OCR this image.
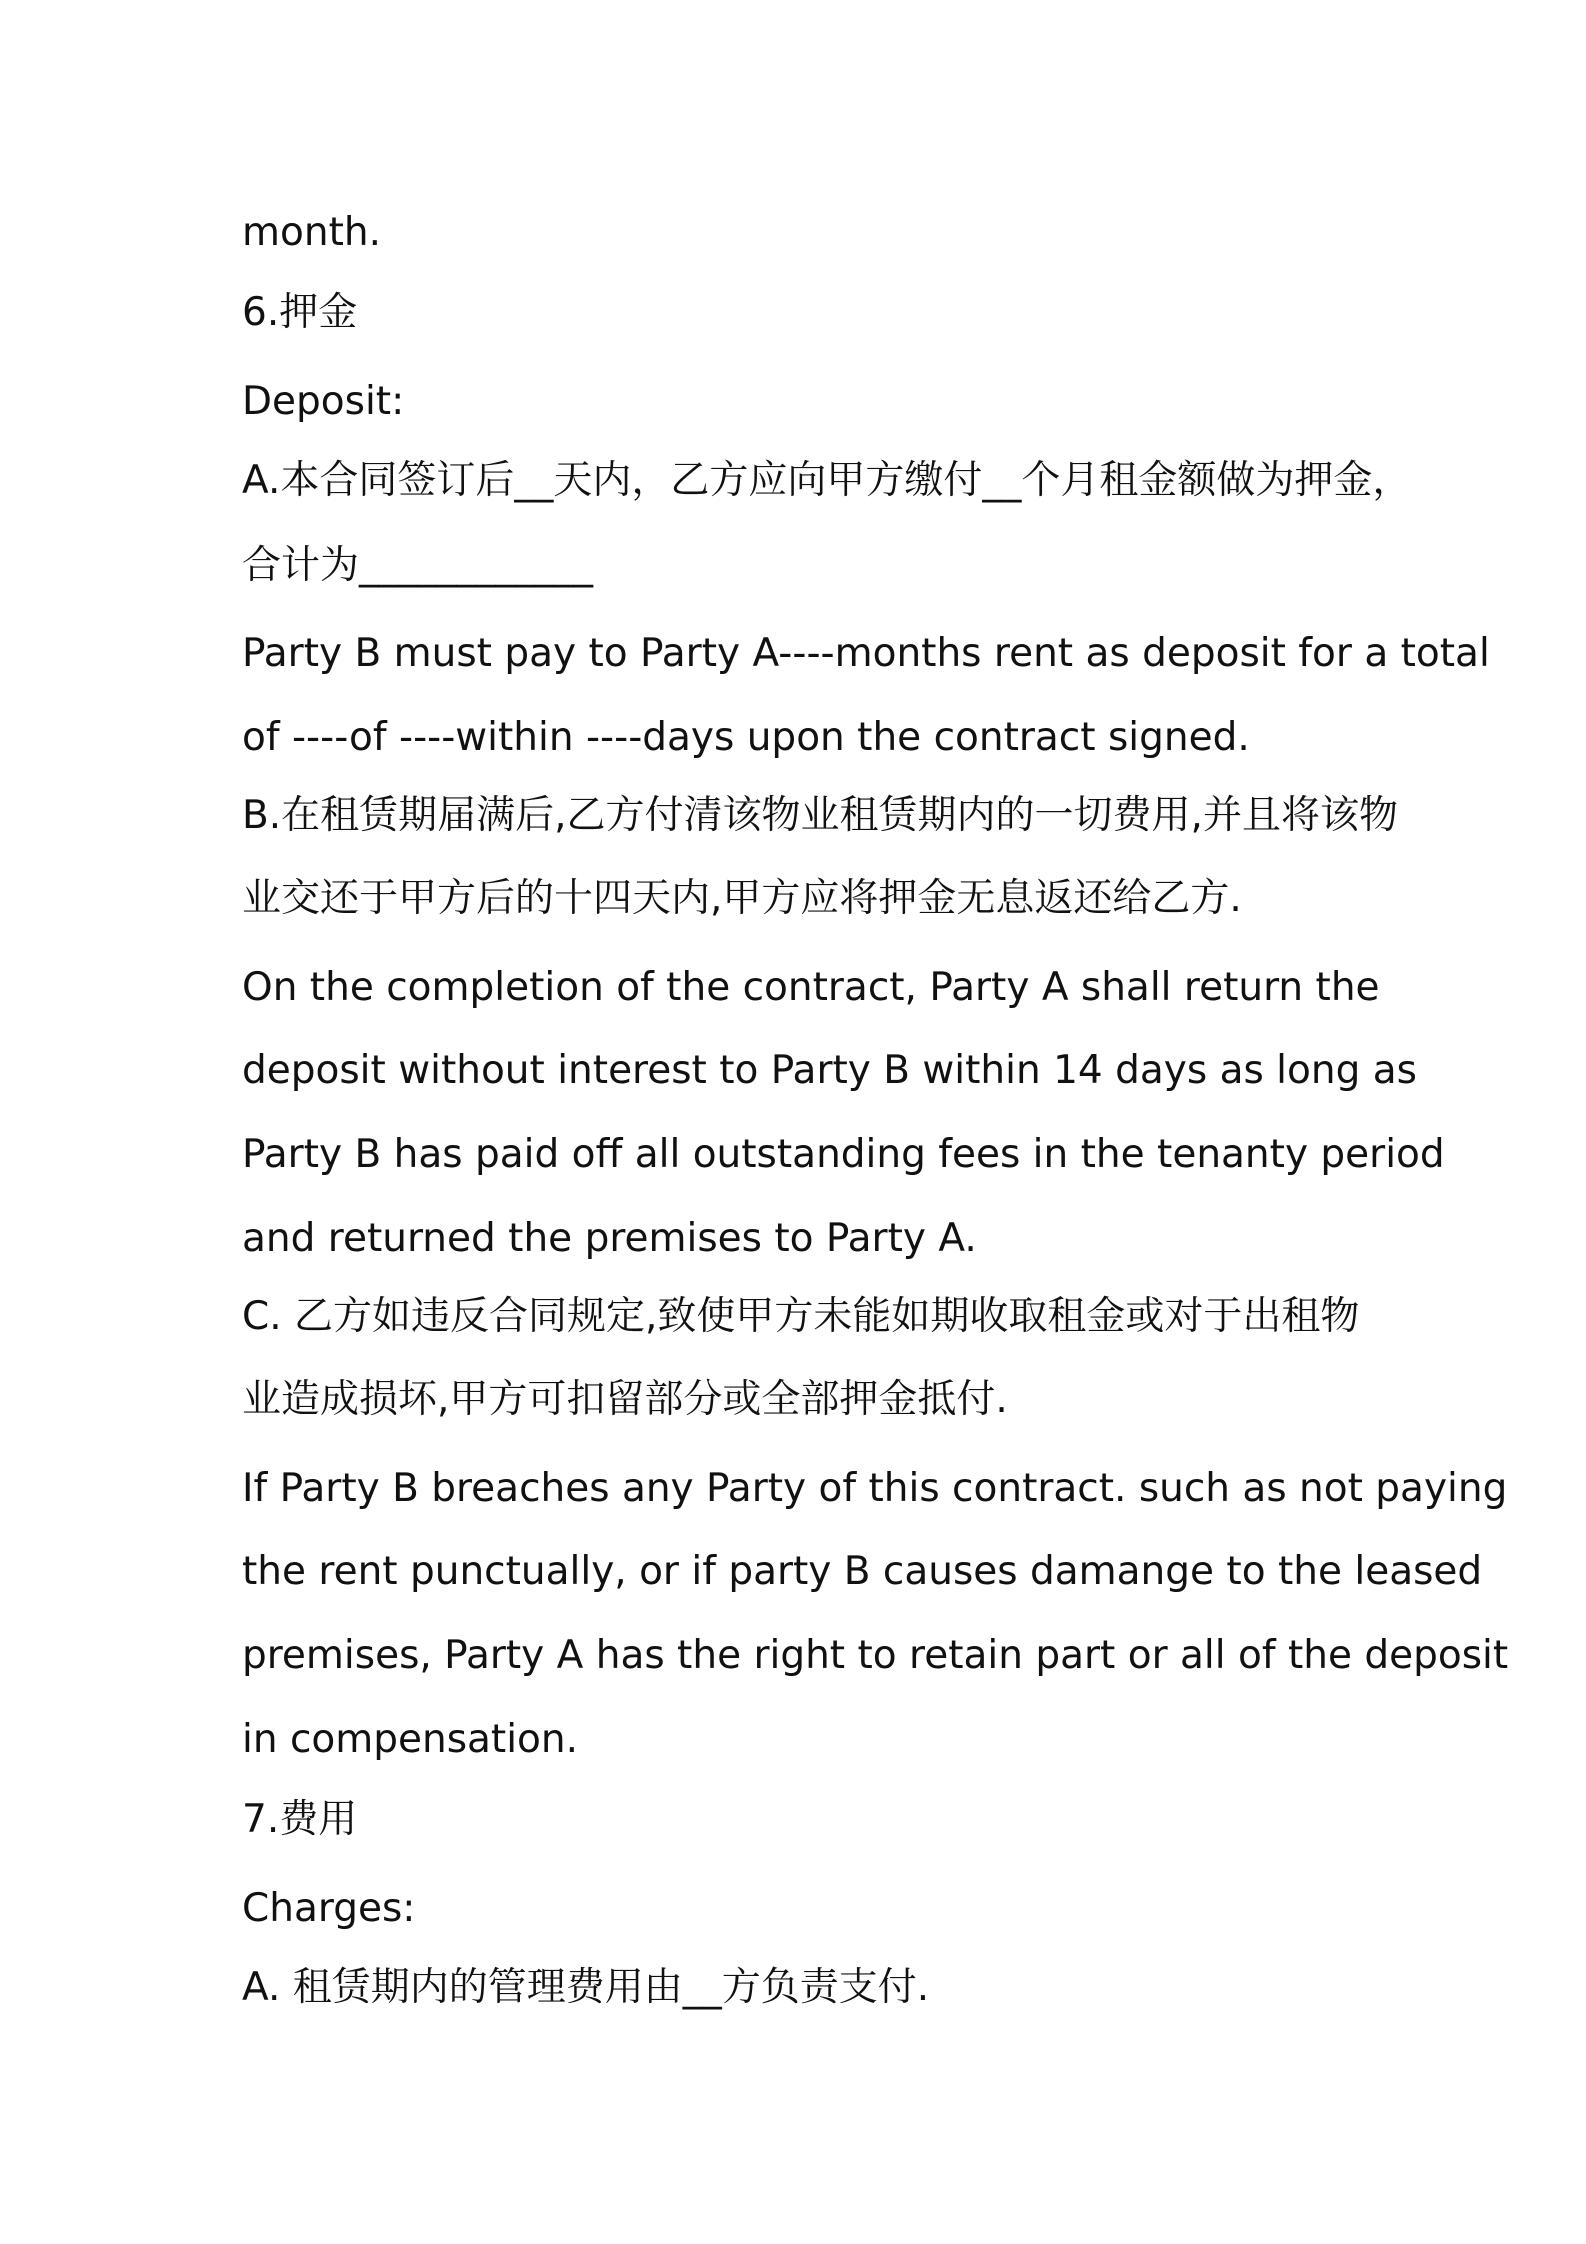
month.

6.押金

Deposit:

A.本合同签订后__天内，乙方应向甲方缴付__个月租金额做为押金，

合计为____________

Party B must pay to Party A----months rent as deposit for a total

of ----of ----within ----days upon the contract signed.

B.在租赁期届满后,乙方付清该物业租赁期内的一切费用,并且将该物

业交还于甲方后的十四天内,甲方应将押金无息返还给乙方.

On the completion of the contract, Party A shall return the

deposit without interest to Party B within 14 days as long as

Party B has paid off all outstanding fees in the tenanty period

and returned the premises to Party A.

C. 乙方如违反合同规定,致使甲方未能如期收取租金或对于出租物

业造成损坏,甲方可扣留部分或全部押金抵付.

If Party B breaches any Party of this contract. such as not paying

the rent punctually, or if party B causes damange to the leased

premises, Party A has the right to retain part or all of the deposit

in compensation.

7.费用

Charges:

A. 租赁期内的管理费用由__方负责支付.
